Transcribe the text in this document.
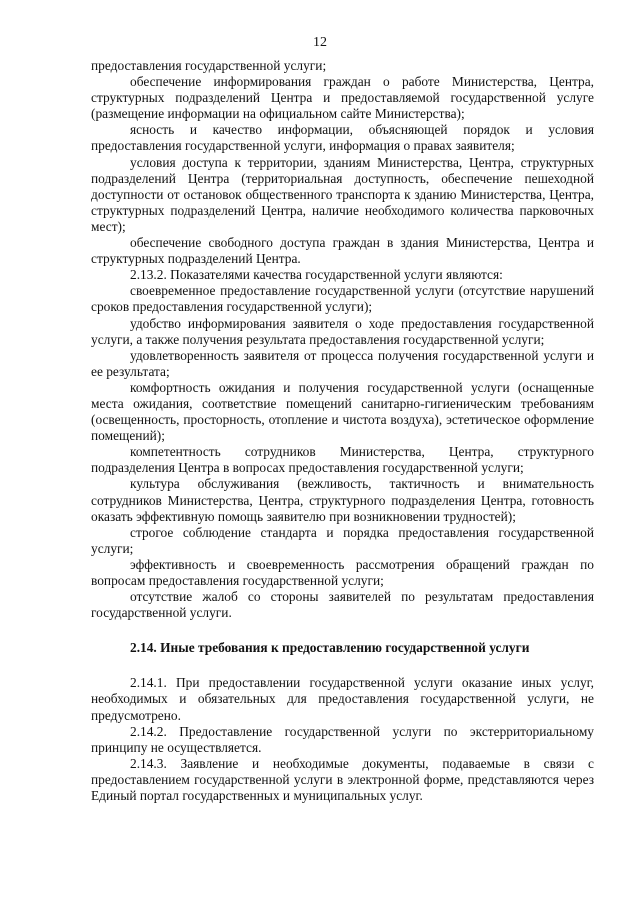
12

предоставления государственной услуги;

обеспечение информирования граждан о работе Министерства, Центра, структурных подразделений Центра и предоставляемой государственной услуге (размещение информации на официальном сайте Министерства);

ясность и качество информации, объясняющей порядок и условия предоставления государственной услуги, информация о правах заявителя;

условия доступа к территории, зданиям Министерства, Центра, структурных подразделений Центра (территориальная доступность, обеспечение пешеходной доступности от остановок общественного транспорта к зданию Министерства, Центра, структурных подразделений Центра, наличие необходимого количества парковочных мест);

обеспечение свободного доступа граждан в здания Министерства, Центра и структурных подразделений Центра.

2.13.2. Показателями качества государственной услуги являются:

своевременное предоставление государственной услуги (отсутствие нарушений сроков предоставления государственной услуги);

удобство информирования заявителя о ходе предоставления государственной услуги, а также получения результата предоставления государственной услуги;

удовлетворенность заявителя от процесса получения государственной услуги и ее результата;

комфортность ожидания и получения государственной услуги (оснащенные места ожидания, соответствие помещений санитарно-гигиеническим требованиям (освещенность, просторность, отопление и чистота воздуха), эстетическое оформление помещений);

компетентность сотрудников Министерства, Центра, структурного подразделения Центра в вопросах предоставления государственной услуги;

культура обслуживания (вежливость, тактичность и внимательность сотрудников Министерства, Центра, структурного подразделения Центра, готовность оказать эффективную помощь заявителю при возникновении трудностей);

строгое соблюдение стандарта и порядка предоставления государственной услуги;

эффективность и своевременность рассмотрения обращений граждан по вопросам предоставления государственной услуги;

отсутствие жалоб со стороны заявителей по результатам предоставления государственной услуги.

2.14. Иные требования к предоставлению государственной услуги

2.14.1. При предоставлении государственной услуги оказание иных услуг, необходимых и обязательных для предоставления государственной услуги, не предусмотрено.

2.14.2. Предоставление государственной услуги по экстерриториальному принципу не осуществляется.

2.14.3. Заявление и необходимые документы, подаваемые в связи с предоставлением государственной услуги в электронной форме, представляются через Единый портал государственных и муниципальных услуг.
